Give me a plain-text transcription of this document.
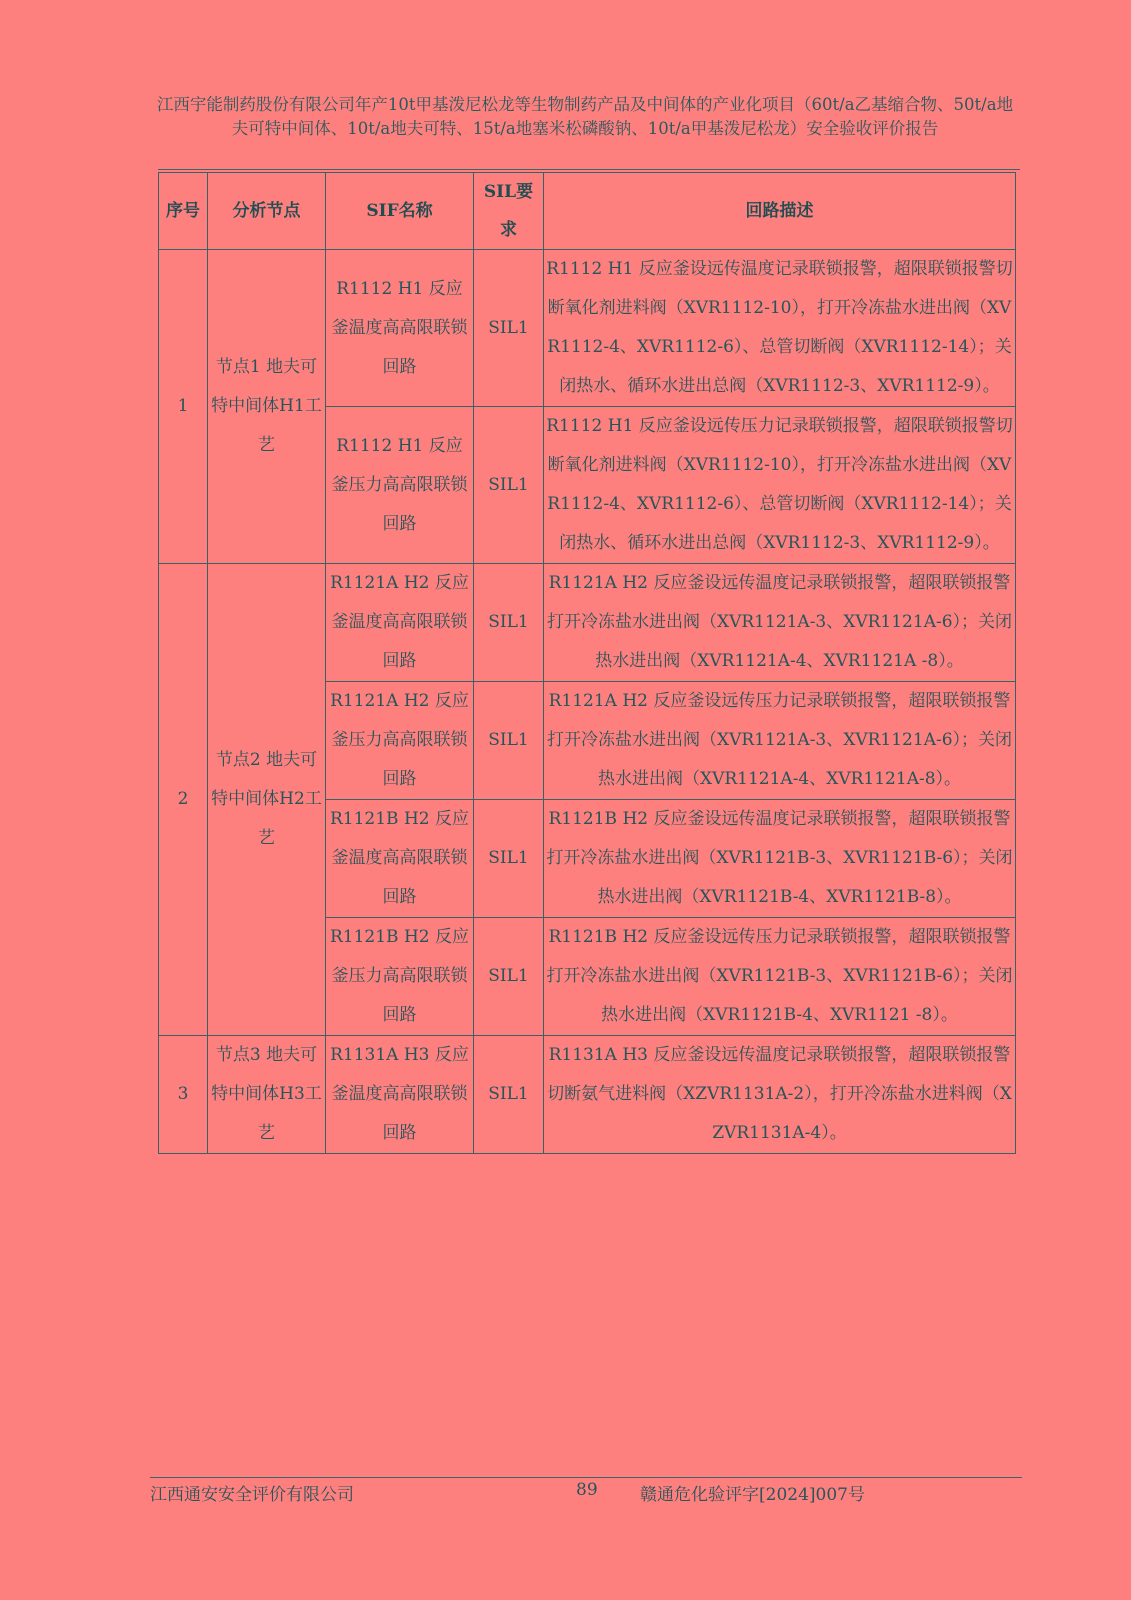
江西宇能制药股份有限公司年产10t甲基泼尼松龙等生物制药产品及中间体的产业化项目（60t/a乙基缩合物、50t/a地夫可特中间体、10t/a地夫可特、15t/a地塞米松磷酸钠、10t/a甲基泼尼松龙）安全验收评价报告
序号	分析节点	SIF名称	SIL要求	回路描述
1	节点1 地夫可特中间体H1工艺	R1112 H1 反应釜温度高高限联锁回路	SIL1	R1112 H1 反应釜设远传温度记录联锁报警，超限联锁报警切断氧化剂进料阀（XVR1112-10），打开冷冻盐水进出阀（XVR1112-4、XVR1112-6）、总管切断阀（XVR1112-14）；关闭热水、循环水进出总阀（XVR1112-3、XVR1112-9）。
		R1112 H1 反应釜压力高高限联锁回路	SIL1	R1112 H1 反应釜设远传压力记录联锁报警，超限联锁报警切断氧化剂进料阀（XVR1112-10），打开冷冻盐水进出阀（XVR1112-4、XVR1112-6）、总管切断阀（XVR1112-14）；关闭热水、循环水进出总阀（XVR1112-3、XVR1112-9）。
2	节点2 地夫可特中间体H2工艺	R1121A H2 反应釜温度高高限联锁回路	SIL1	R1121A H2 反应釜设远传温度记录联锁报警，超限联锁报警打开冷冻盐水进出阀（XVR1121A-3、XVR1121A-6）；关闭热水进出阀（XVR1121A-4、XVR1121A -8）。
		R1121A H2 反应釜压力高高限联锁回路	SIL1	R1121A H2 反应釜设远传压力记录联锁报警，超限联锁报警打开冷冻盐水进出阀（XVR1121A-3、XVR1121A-6）；关闭热水进出阀（XVR1121A-4、XVR1121A-8）。
		R1121B H2 反应釜温度高高限联锁回路	SIL1	R1121B H2 反应釜设远传温度记录联锁报警，超限联锁报警打开冷冻盐水进出阀（XVR1121B-3、XVR1121B-6）；关闭热水进出阀（XVR1121B-4、XVR1121B-8）。
		R1121B H2 反应釜压力高高限联锁回路	SIL1	R1121B H2 反应釜设远传压力记录联锁报警，超限联锁报警打开冷冻盐水进出阀（XVR1121B-3、XVR1121B-6）；关闭热水进出阀（XVR1121B-4、XVR1121 -8）。
3	节点3 地夫可特中间体H3工艺	R1131A H3 反应釜温度高高限联锁回路	SIL1	R1131A H3 反应釜设远传温度记录联锁报警，超限联锁报警切断氨气进料阀（XZVR1131A-2），打开冷冻盐水进料阀（XZVR1131A-4）。
江西通安安全评价有限公司	89 赣通危化验评字[2024]007号
